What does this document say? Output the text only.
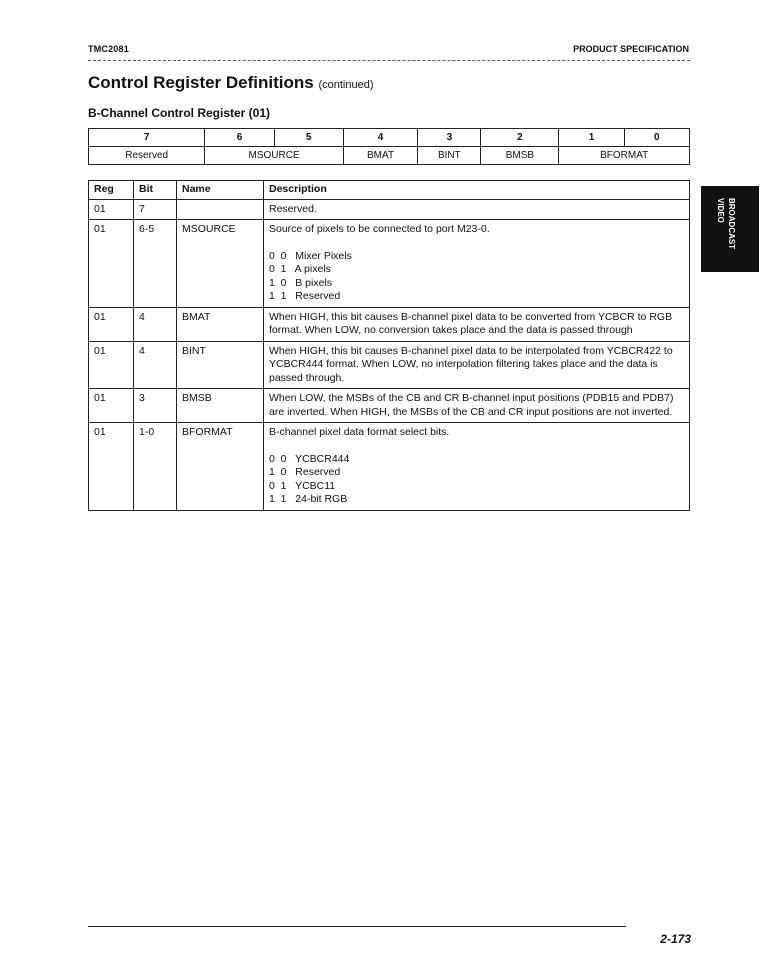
TMC2081	PRODUCT SPECIFICATION
Control Register Definitions (continued)
B-Channel Control Register (01)
7	6	5	4	3	2	1	0
Reserved	MSOURCE		BMAT	BINT	BMSB	BFORMAT	
Reg	Bit	Name	Description
01	7		Reserved.
01	6-5	MSOURCE	Source of pixels to be connected to port M23-0.
0  0   Mixer Pixels
0  1   A pixels
1  0   B pixels
1  1   Reserved

01	4	BMAT	When HIGH, this bit causes B-channel pixel data to be converted from YCBCR to RGB format. When LOW, no conversion takes place and the data is passed through
01	4	BINT	When HIGH, this bit causes B-channel pixel data to be interpolated from YCBCR422 to YCBCR444 format. When LOW, no interpolation filtering takes place and the data is passed through.
01	3	BMSB	When LOW, the MSBs of the CB and CR B-channel input positions (PDB15 and PDB7) are inverted. When HIGH, the MSBs of the CB and CR input positions are not inverted.
01	1-0	BFORMAT	B-channel pixel data format select bits.
0  0   YCBCR444
1  0   Reserved
0  1   YCBC11
1  1   24-bit RGB
BROADCAST VIDEO
2-173
